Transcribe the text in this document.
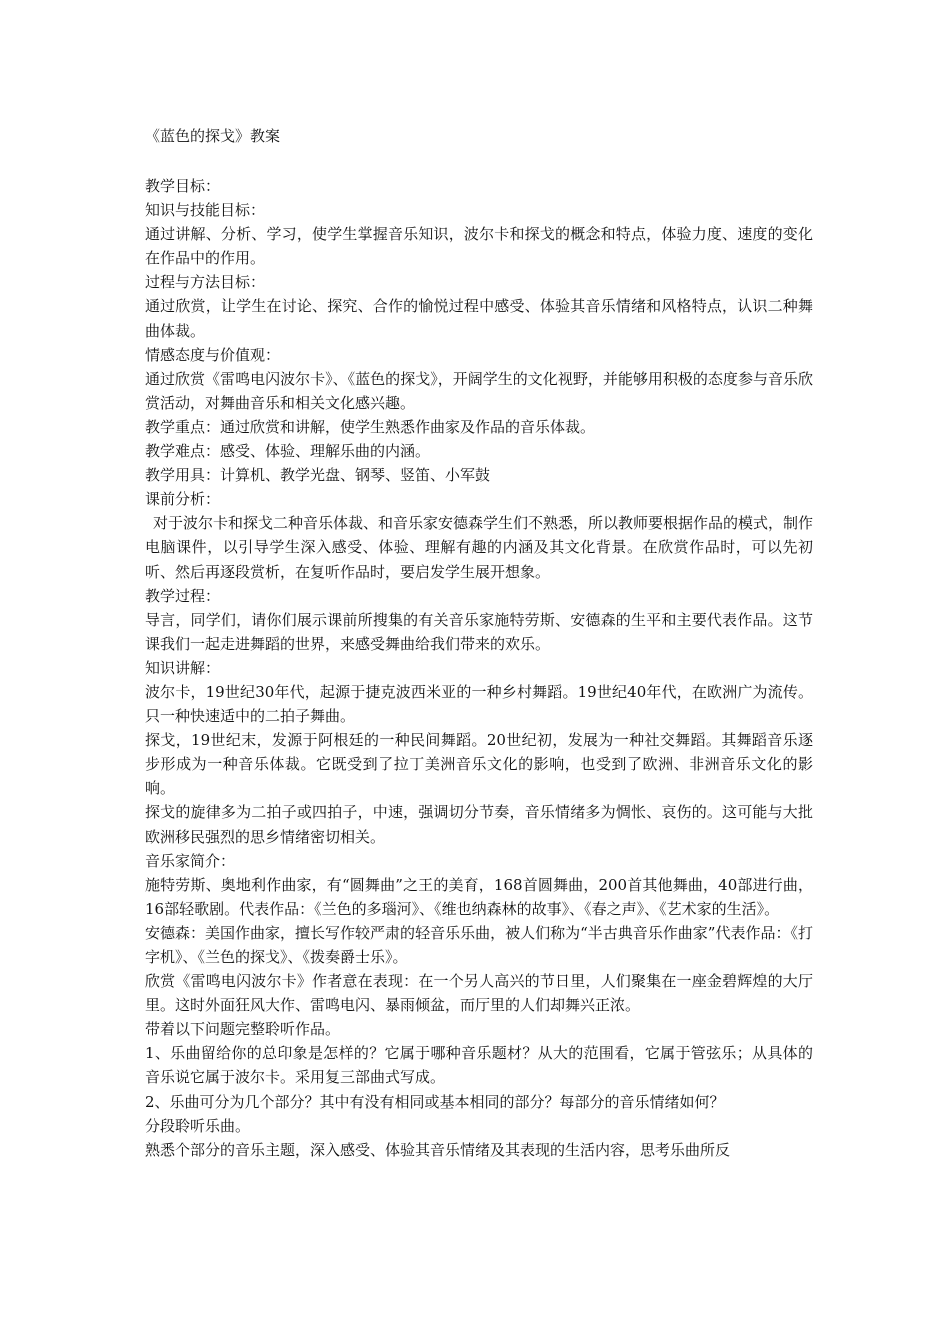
《蓝色的探戈》教案

教学目标：

知识与技能目标：

通过讲解、分析、学习，使学生掌握音乐知识，波尔卡和探戈的概念和特点，体验力度、速度的变化在作品中的作用。

过程与方法目标：

通过欣赏，让学生在讨论、探究、合作的愉悦过程中感受、体验其音乐情绪和风格特点，认识二种舞曲体裁。

情感态度与价值观：

通过欣赏《雷鸣电闪波尔卡》、《蓝色的探戈》，开阔学生的文化视野，并能够用积极的态度参与音乐欣赏活动，对舞曲音乐和相关文化感兴趣。

教学重点：通过欣赏和讲解，使学生熟悉作曲家及作品的音乐体裁。

教学难点：感受、体验、理解乐曲的内涵。

教学用具：计算机、教学光盘、钢琴、竖笛、小军鼓

课前分析：

对于波尔卡和探戈二种音乐体裁、和音乐家安德森学生们不熟悉，所以教师要根据作品的模式，制作电脑课件，以引导学生深入感受、体验、理解有趣的内涵及其文化背景。在欣赏作品时，可以先初听、然后再逐段赏析，在复听作品时，要启发学生展开想象。

教学过程：

导言，同学们，请你们展示课前所搜集的有关音乐家施特劳斯、安德森的生平和主要代表作品。这节课我们一起走进舞蹈的世界，来感受舞曲给我们带来的欢乐。

知识讲解：

波尔卡，19世纪30年代，起源于捷克波西米亚的一种乡村舞蹈。19世纪40年代，在欧洲广为流传。只一种快速适中的二拍子舞曲。

探戈，19世纪末，发源于阿根廷的一种民间舞蹈。20世纪初，发展为一种社交舞蹈。其舞蹈音乐逐步形成为一种音乐体裁。它既受到了拉丁美洲音乐文化的影响，也受到了欧洲、非洲音乐文化的影响。

探戈的旋律多为二拍子或四拍子，中速，强调切分节奏，音乐情绪多为惆怅、哀伤的。这可能与大批欧洲移民强烈的思乡情绪密切相关。

音乐家简介：

施特劳斯、奥地利作曲家，有“圆舞曲”之王的美育，168首圆舞曲，200首其他舞曲，40部进行曲，16部轻歌剧。代表作品：《兰色的多瑙河》、《维也纳森林的故事》、《春之声》、《艺术家的生活》。

安德森：美国作曲家，擅长写作较严肃的轻音乐乐曲，被人们称为“半古典音乐作曲家”代表作品：《打字机》、《兰色的探戈》、《拨奏爵士乐》。

欣赏《雷鸣电闪波尔卡》作者意在表现：在一个另人高兴的节日里，人们聚集在一座金碧辉煌的大厅里。这时外面狂风大作、雷鸣电闪、暴雨倾盆，而厅里的人们却舞兴正浓。

带着以下问题完整聆听作品。

1、乐曲留给你的总印象是怎样的？它属于哪种音乐题材？从大的范围看，它属于管弦乐；从具体的音乐说它属于波尔卡。采用复三部曲式写成。

2、乐曲可分为几个部分？其中有没有相同或基本相同的部分？每部分的音乐情绪如何？

分段聆听乐曲。

熟悉个部分的音乐主题，深入感受、体验其音乐情绪及其表现的生活内容，思考乐曲所反
